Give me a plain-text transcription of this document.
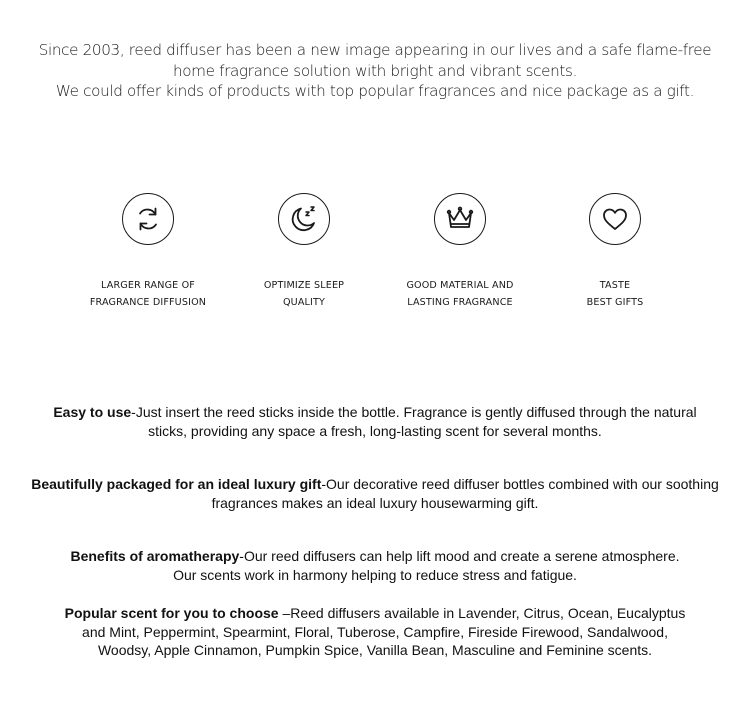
Since 2003, reed diffuser has been a new image appearing in our lives and a safe flame-free

home fragrance solution with bright and vibrant scents.

We could offer kinds of products with top popular fragrances and nice package as a gift.

LARGER RANGE OF
FRAGRANCE DIFFUSION
OPTIMIZE SLEEP
QUALITY
GOOD MATERIAL AND
LASTING FRAGRANCE
TASTE
BEST GIFTS

Easy to use-Just insert the reed sticks inside the bottle. Fragrance is gently diffused through the natural

sticks, providing any space a fresh, long-lasting scent for several months.

Beautifully packaged for an ideal luxury gift-Our decorative reed diffuser bottles combined with our soothing

fragrances makes an ideal luxury housewarming gift.

Benefits of aromatherapy-Our reed diffusers can help lift mood and create a serene atmosphere.

Our scents work in harmony helping to reduce stress and fatigue.

Popular scent for you to choose –Reed diffusers available in Lavender, Citrus, Ocean, Eucalyptus

and Mint, Peppermint, Spearmint, Floral, Tuberose, Campfire, Fireside Firewood, Sandalwood,

Woodsy, Apple Cinnamon, Pumpkin Spice, Vanilla Bean, Masculine and Feminine scents.
